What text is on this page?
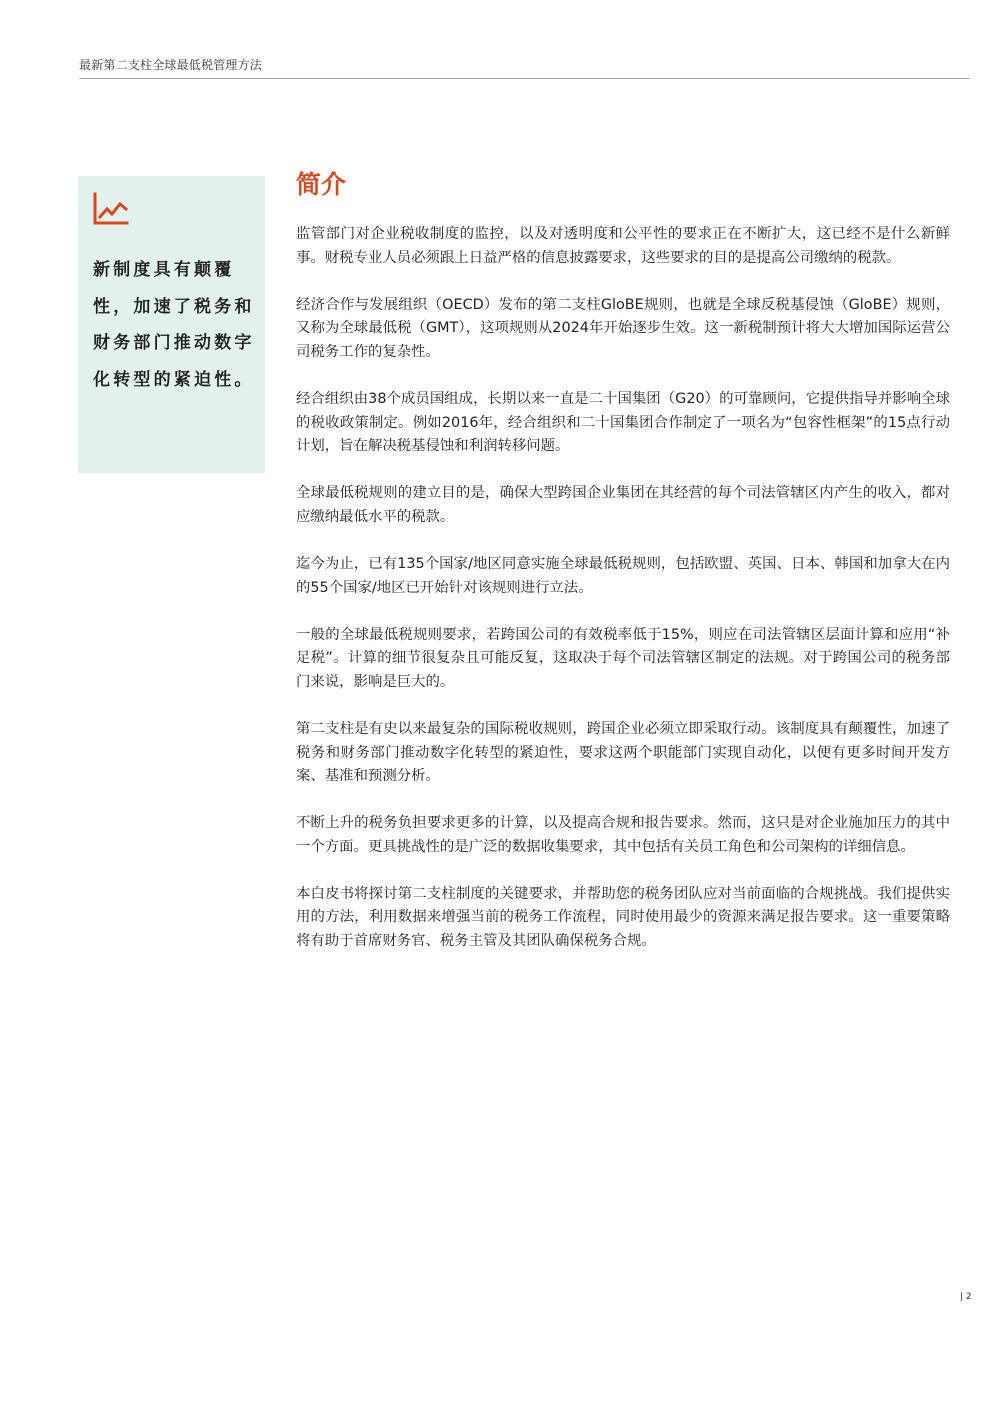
最新第二支柱全球最低税管理方法

新制度具有颠覆性，加速了税务和财务部门推动数字化转型的紧迫性。

简介

监管部门对企业税收制度的监控，以及对透明度和公平性的要求正在不断扩大，这已经不是什么新鲜事。财税专业人员必须跟上日益严格的信息披露要求，这些要求的目的是提高公司缴纳的税款。

经济合作与发展组织（OECD）发布的第二支柱GloBE规则，也就是全球反税基侵蚀（GloBE）规则，又称为全球最低税（GMT），这项规则从2024年开始逐步生效。这一新税制预计将大大增加国际运营公司税务工作的复杂性。

经合组织由38个成员国组成，长期以来一直是二十国集团（G20）的可靠顾问，它提供指导并影响全球的税收政策制定。例如2016年，经合组织和二十国集团合作制定了一项名为“包容性框架”的15点行动计划，旨在解决税基侵蚀和利润转移问题。

全球最低税规则的建立目的是，确保大型跨国企业集团在其经营的每个司法管辖区内产生的收入，都对应缴纳最低水平的税款。

迄今为止，已有135个国家/地区同意实施全球最低税规则，包括欧盟、英国、日本、韩国和加拿大在内的55个国家/地区已开始针对该规则进行立法。

一般的全球最低税规则要求，若跨国公司的有效税率低于15%，则应在司法管辖区层面计算和应用“补足税”。计算的细节很复杂且可能反复，这取决于每个司法管辖区制定的法规。对于跨国公司的税务部门来说，影响是巨大的。

第二支柱是有史以来最复杂的国际税收规则，跨国企业必须立即采取行动。该制度具有颠覆性，加速了税务和财务部门推动数字化转型的紧迫性，要求这两个职能部门实现自动化，以便有更多时间开发方案、基准和预测分析。

不断上升的税务负担要求更多的计算，以及提高合规和报告要求。然而，这只是对企业施加压力的其中一个方面。更具挑战性的是广泛的数据收集要求，其中包括有关员工角色和公司架构的详细信息。

本白皮书将探讨第二支柱制度的关键要求，并帮助您的税务团队应对当前面临的合规挑战。我们提供实用的方法，利用数据来增强当前的税务工作流程，同时使用最少的资源来满足报告要求。这一重要策略将有助于首席财务官、税务主管及其团队确保税务合规。

| 2
